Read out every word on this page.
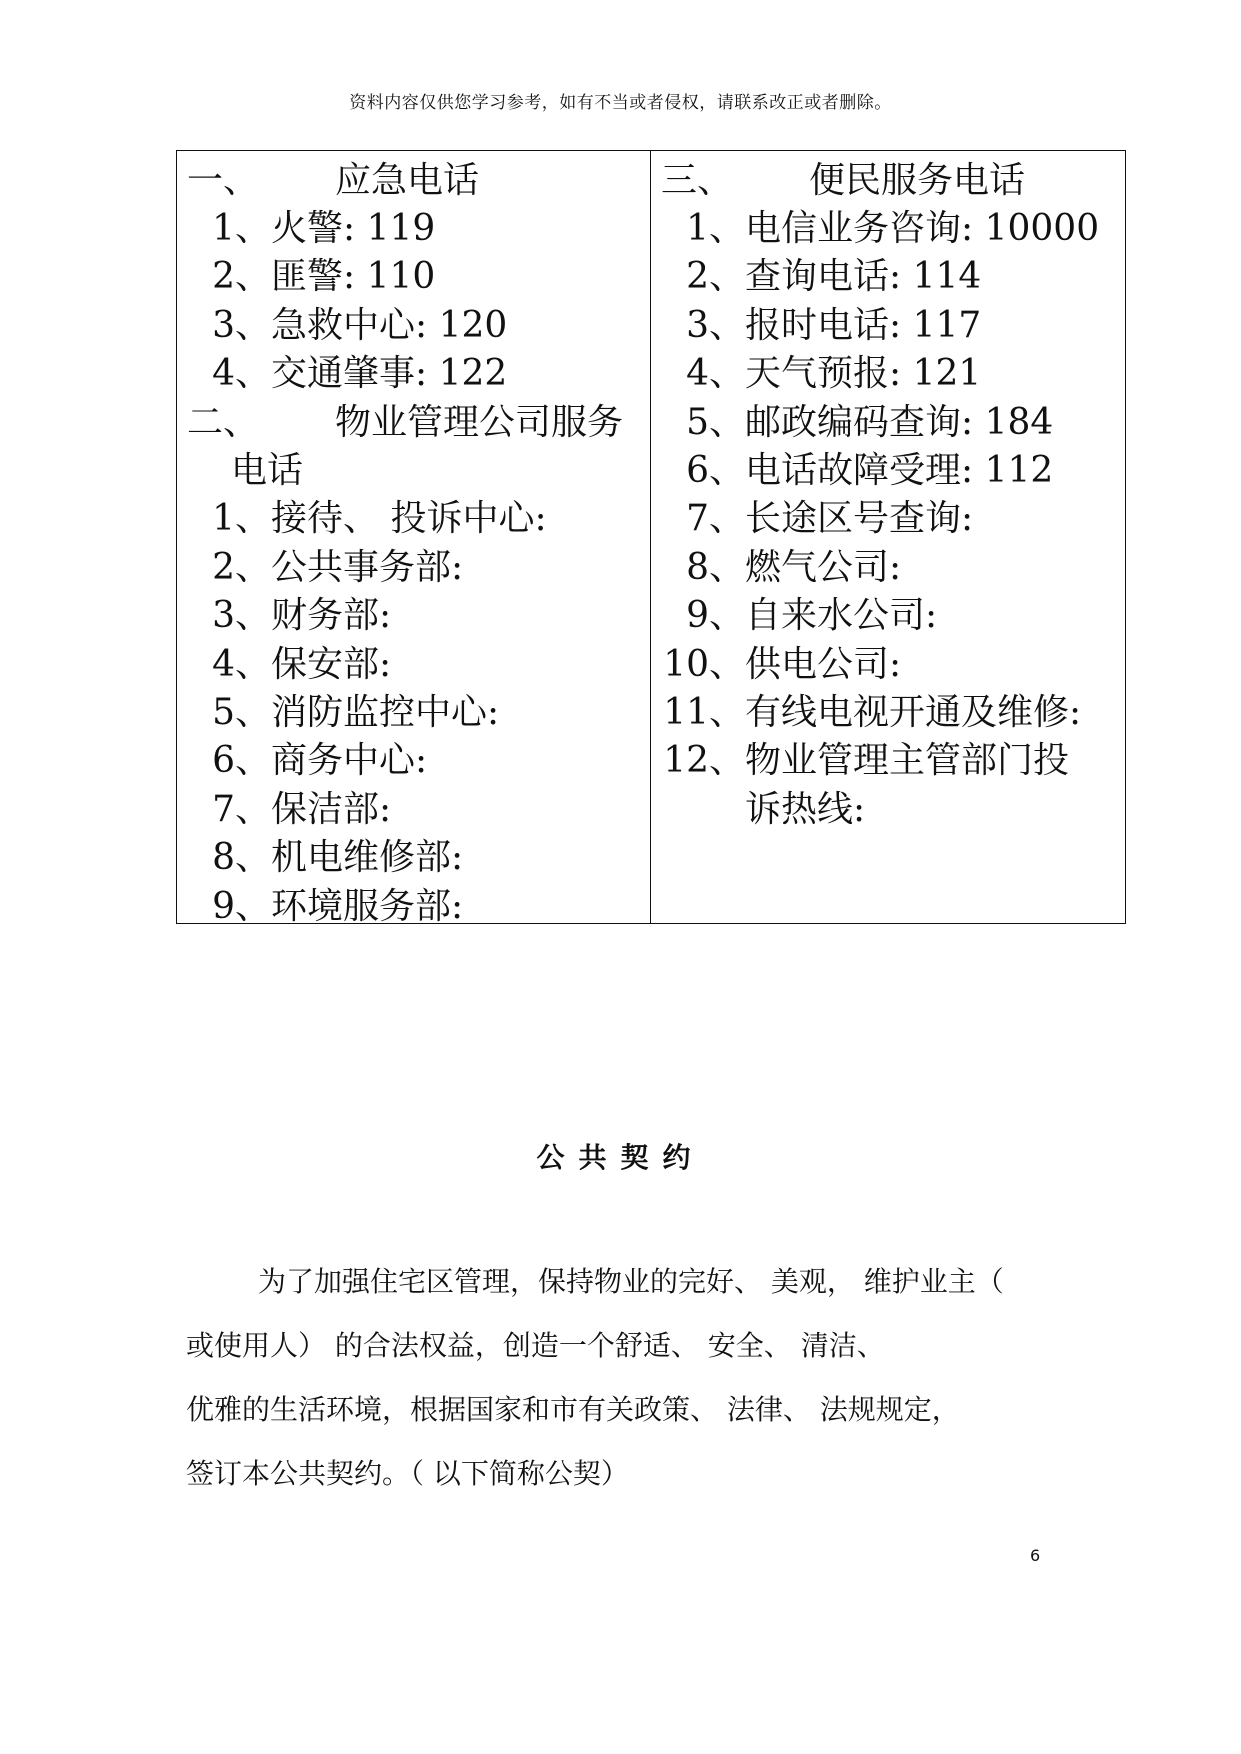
资料内容仅供您学习参考，如有不当或者侵权，请联系改正或者删除。
一、	应急电话
1、 火警: 119
2、 匪警: 110
3、 急救中心: 120
4、 交通肇事: 122
二、	物业管理公司服务
电话
1、 接待、 投诉中心:
2、 公共事务部:
3、 财务部:
4、 保安部:
5、 消防监控中心:
6、 商务中心:
7、 保洁部:
8、 机电维修部:
9、 环境服务部:
三、	便民服务电话
1、 电信业务咨询: 10000
2、 查询电话: 114
3、 报时电话: 117
4、 天气预报: 121
5、 邮政编码查询: 184
6、 电话故障受理: 112
7、 长途区号查询:
8、 燃气公司:
9、 自来水公司:
10、 供电公司:
11、 有线电视开通及维修:
12、 物业管理主管部门投
诉热线:
公共契约
为了加强住宅区管理，保持物业的完好、 美观， 维护业主（
或使用人） 的合法权益，创造一个舒适、 安全、 清洁、
优雅的生活环境，根据国家和市有关政策、 法律、 法规规定，
签订本公共契约。（ 以下简称公契）
6
